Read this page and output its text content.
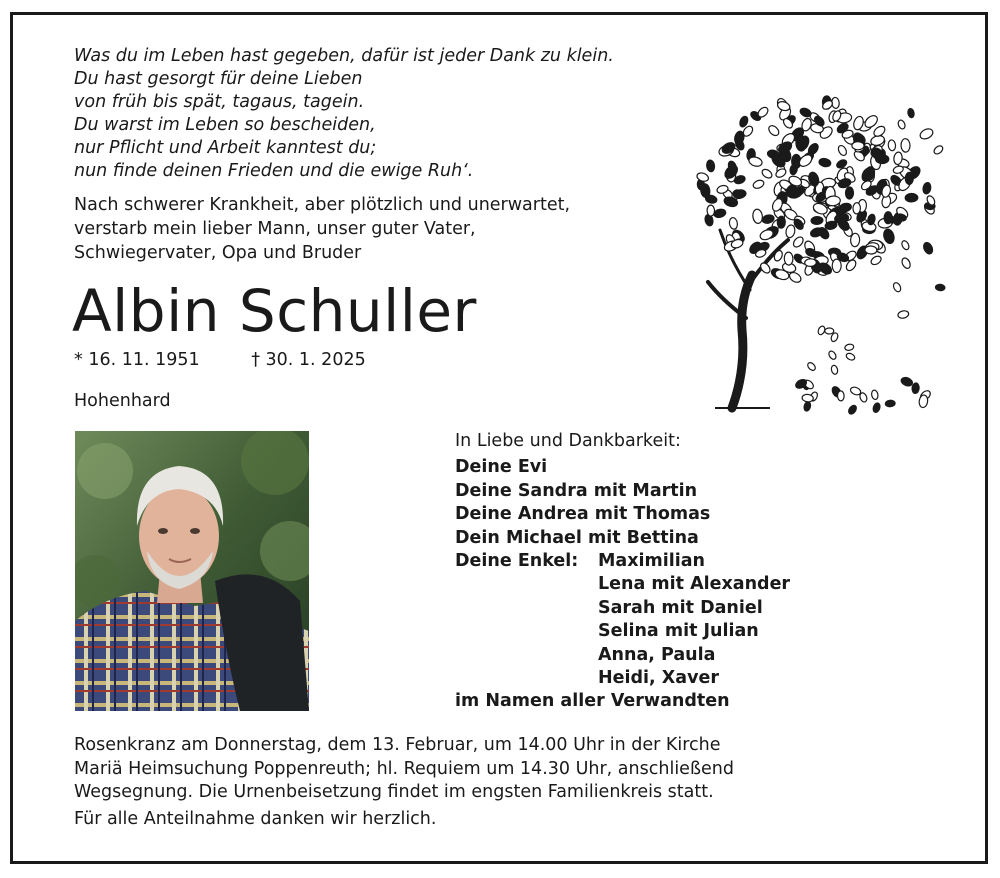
Was du im Leben hast gegeben, dafür ist jeder Dank zu klein.
Du hast gesorgt für deine Lieben
von früh bis spät, tagaus, tagein.
Du warst im Leben so bescheiden,
nur Pflicht und Arbeit kanntest du;
nun finde deinen Frieden und die ewige Ruh‘.
Nach schwerer Krankheit, aber plötzlich und unerwartet,
verstarb mein lieber Mann, unser guter Vater,
Schwiegervater, Opa und Bruder
Albin Schuller
* 16. 11. 1951	† 30. 1. 2025
Hohenhard
In Liebe und Dankbarkeit:
Deine Evi
Deine Sandra mit Martin
Deine Andrea mit Thomas
Dein Michael mit Bettina
Deine Enkel:	Maximilian
Lena mit Alexander
Sarah mit Daniel
Selina mit Julian
Anna, Paula
Heidi, Xaver
im Namen aller Verwandten
Rosenkranz am Donnerstag, dem 13. Februar, um 14.00 Uhr in der Kirche
Mariä Heimsuchung Poppenreuth; hl. Requiem um 14.30 Uhr, anschließend
Wegsegnung. Die Urnenbeisetzung findet im engsten Familienkreis statt.
Für alle Anteilnahme danken wir herzlich.
